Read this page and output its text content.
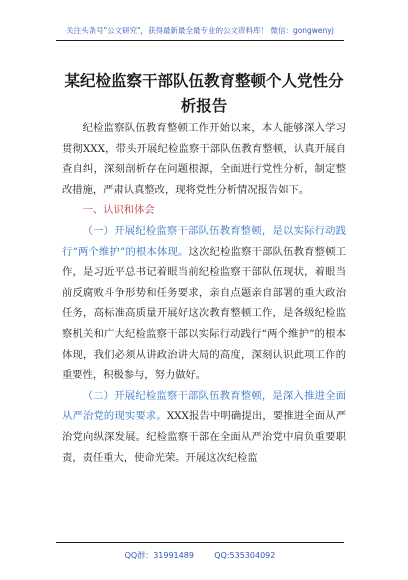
关注头条号"公文研究"，获得最新最全最专业的公文资料库！ 微信：gongwenyj
某纪检监察干部队伍教育整顿个人党性分析报告

纪检监察队伍教育整顿工作开始以来，本人能够深入学习贯彻XXX，带头开展纪检监察干部队伍教育整顿，认真开展自查自纠，深刻剖析存在问题根源，全面进行党性分析，制定整改措施，严肃认真整改，现将党性分析情况报告如下。

一、认识和体会

（一）开展纪检监察干部队伍教育整顿，是以实际行动践行“两个维护”的根本体现。这次纪检监察干部队伍教育整顿工作，是习近平总书记着眼当前纪检监察干部队伍现状，着眼当前反腐败斗争形势和任务要求，亲自点题亲自部署的重大政治任务，高标准高质量开展好这次教育整顿工作，是各级纪检监察机关和广大纪检监察干部以实际行动践行“两个维护”的根本体现，我们必须从讲政治讲大局的高度，深刻认识此项工作的重要性，积极参与，努力做好。

（二）开展纪检监察干部队伍教育整顿，是深入推进全面从严治党的现实要求。XXX报告中明确提出，要推进全面从严治党向纵深发展。纪检监察干部在全面从严治党中肩负重要职责，责任重大，使命光荣。开展这次纪检监

QQ群：31991489        QQ:535304092
